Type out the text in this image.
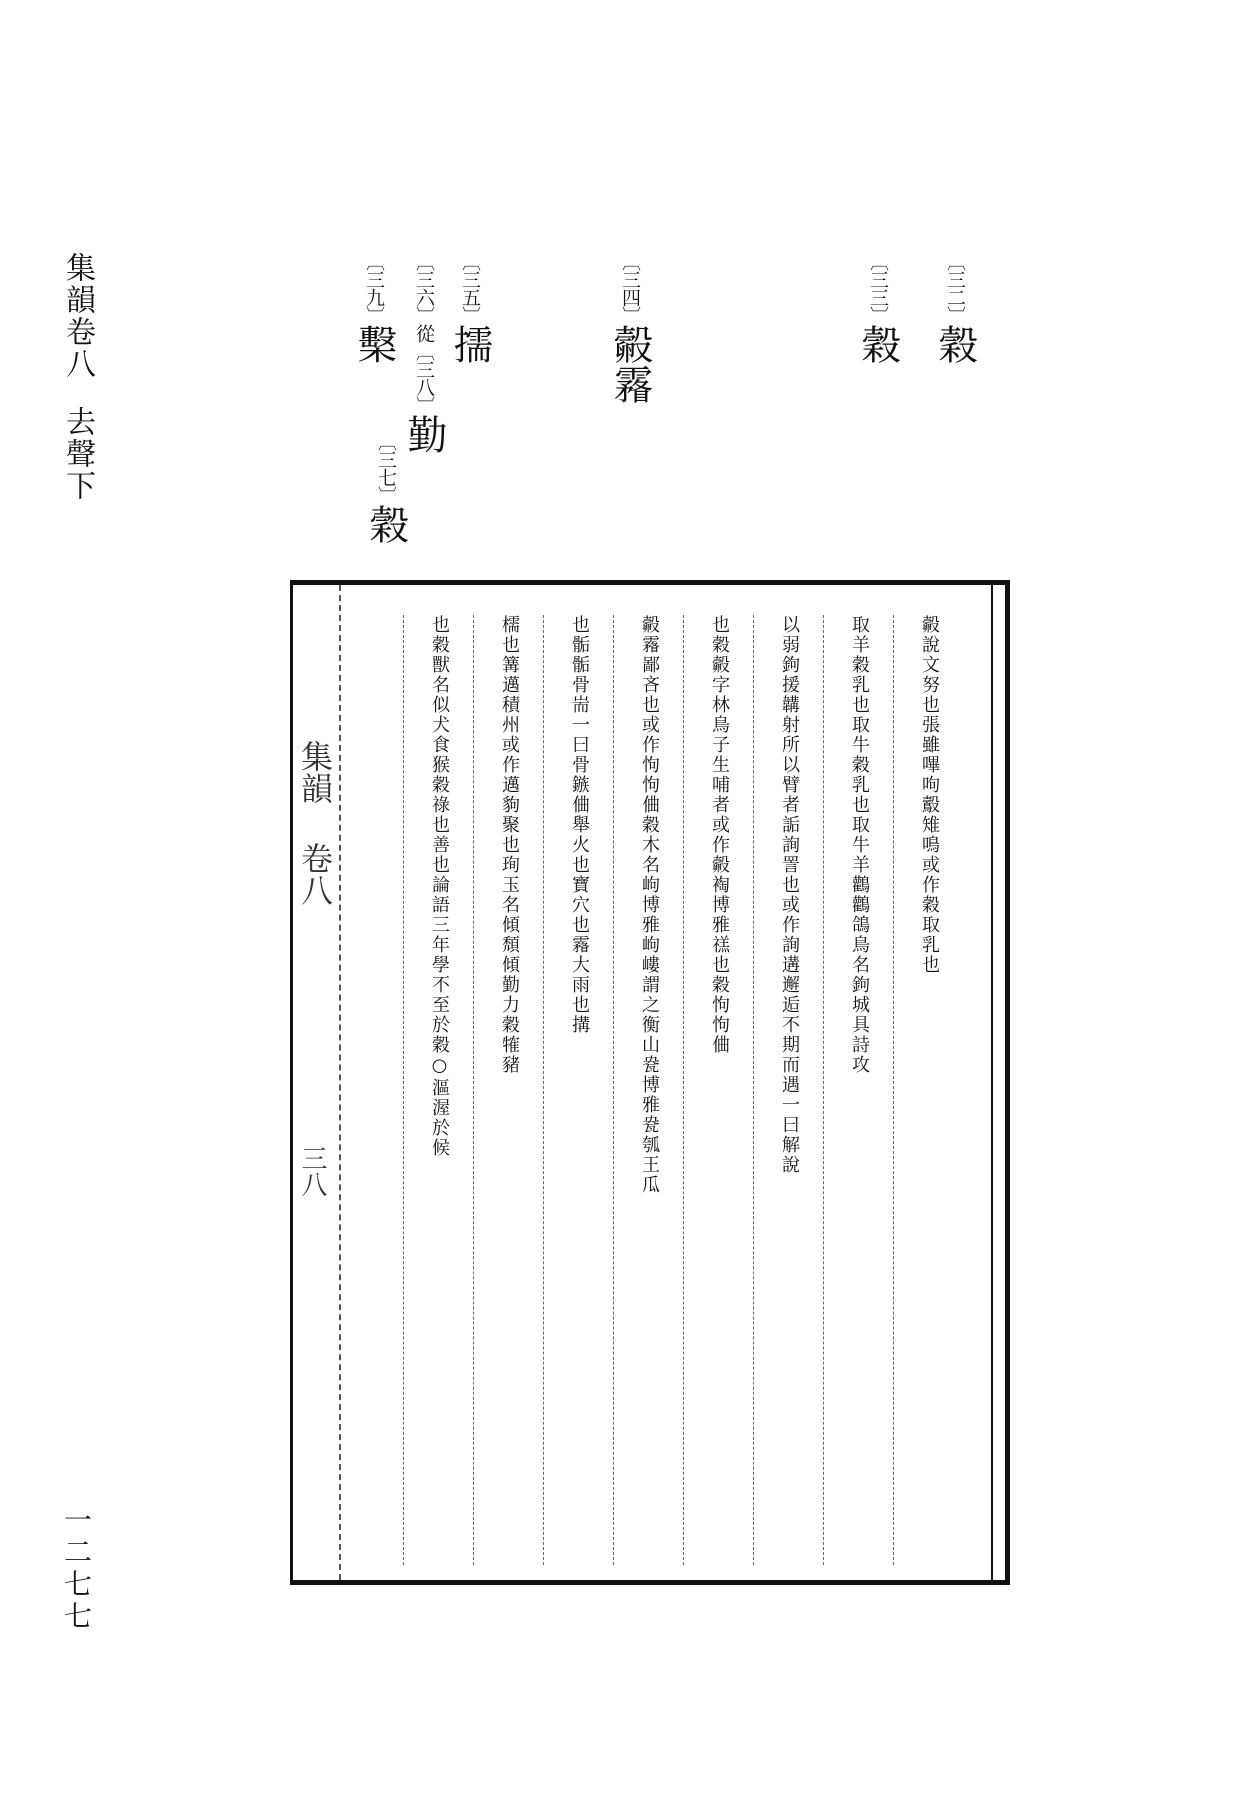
集韻卷八去聲下
一二七七
〔三二〕穀
〔三三〕穀
〔三四〕㲉霿
〔三五〕擩
〔三六〕從〔三八〕勤
〔三七〕穀
〔三九〕檕
集韻 卷八
三八
㲉說文努也張雖嗶呴鷇雉鳴或作穀取乳也
取羊穀乳也取牛穀乳也取牛羊鸛鸛鴿鳥名鉤城具詩攻
以弱鉤援韝射所以臂者詬詢詈也或作詢遘邂逅不期而遇一曰解說
也穀㲉字林鳥子生哺者或作㲉裪博雅禚也穀怐怐㑋
㲉霿鄙吝也或作怐怐㑋穀木名岣博雅岣嶁謂之衡山㼜博雅㼜瓠王瓜
也骺骺骨耑一曰骨鏃㑋舉火也寶穴也霿大雨也搆
檽也篝邁積州或作邁豿聚也珣玉名傾頹傾勤力穀㹊豬
也穀獸名似犬食猴穀祿也善也論語三年學不至於穀○漚渥於候
